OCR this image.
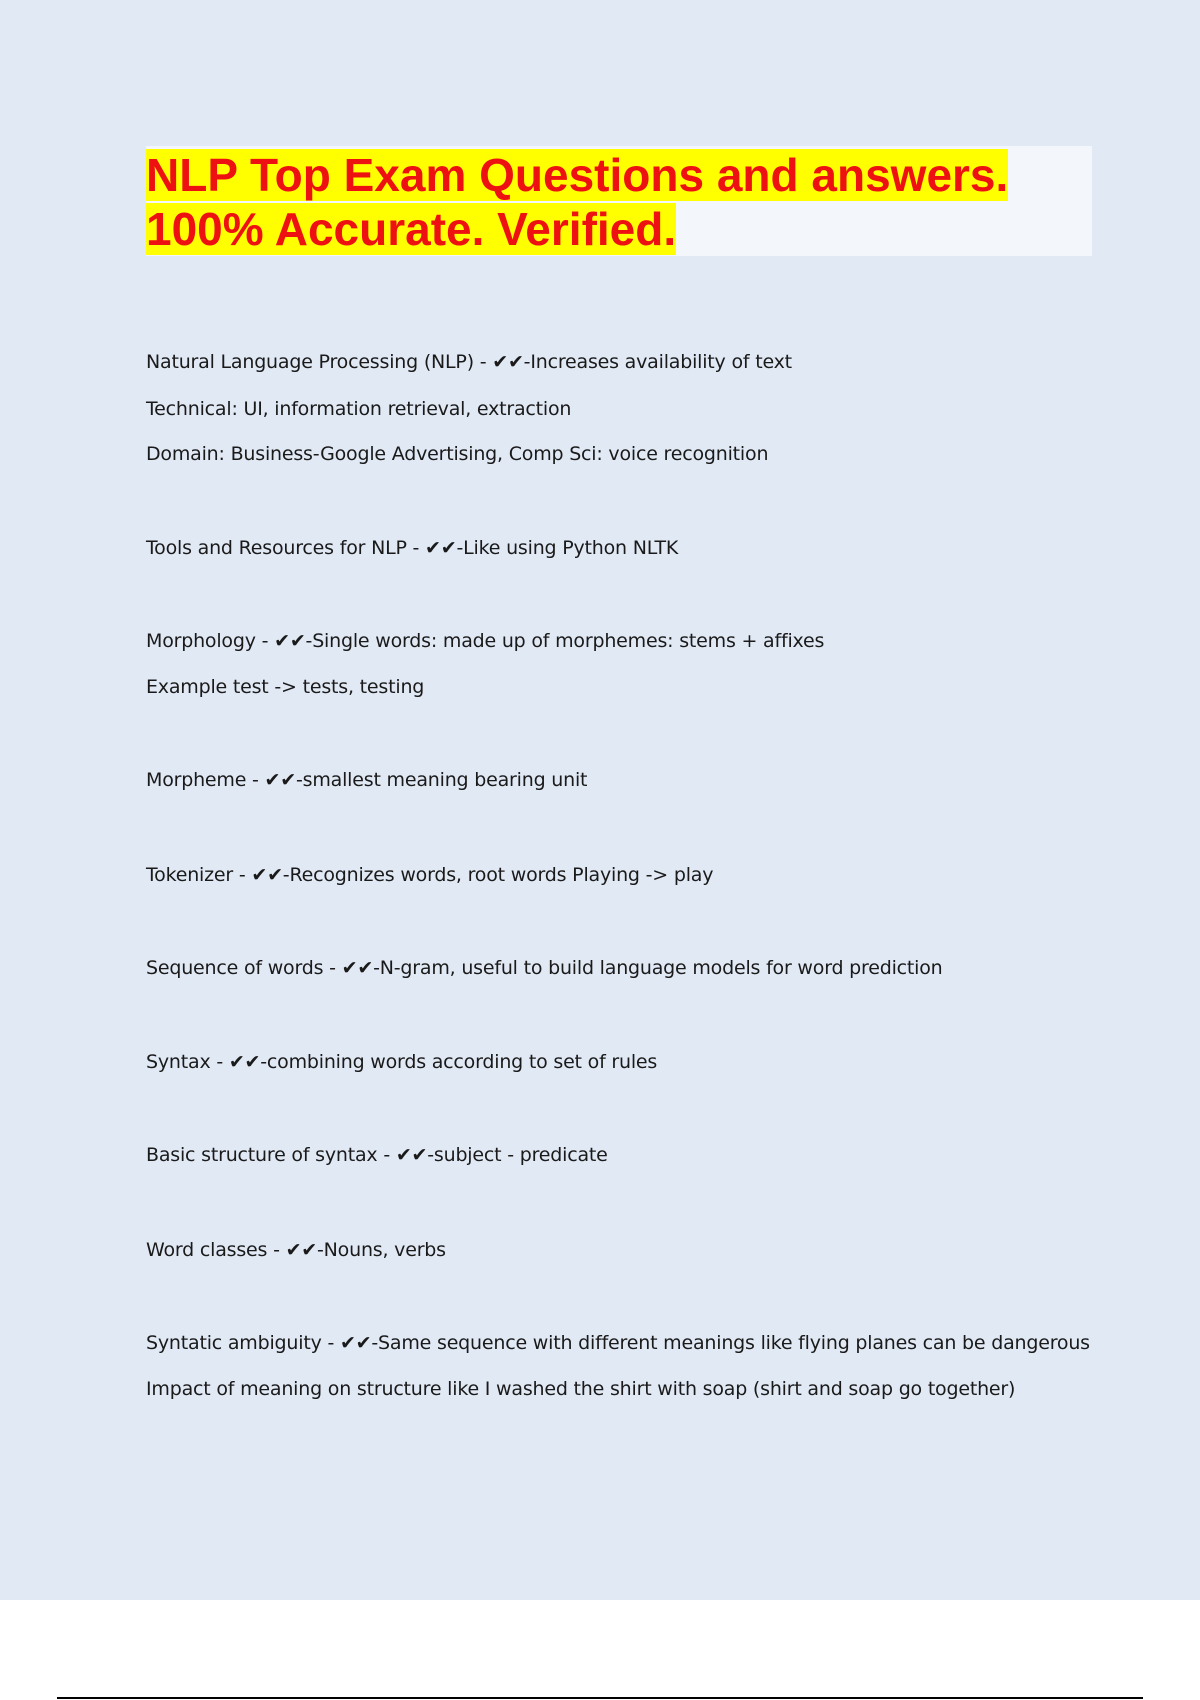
NLP Top Exam Questions and answers.
100% Accurate. Verified.

Natural Language Processing (NLP) - ✔✔-Increases availability of text

Technical: UI, information retrieval, extraction

Domain: Business-Google Advertising, Comp Sci: voice recognition

Tools and Resources for NLP - ✔✔-Like using Python NLTK

Morphology - ✔✔-Single words: made up of morphemes: stems + affixes

Example test -> tests, testing

Morpheme - ✔✔-smallest meaning bearing unit

Tokenizer - ✔✔-Recognizes words, root words Playing -> play

Sequence of words - ✔✔-N-gram, useful to build language models for word prediction

Syntax - ✔✔-combining words according to set of rules

Basic structure of syntax - ✔✔-subject - predicate

Word classes - ✔✔-Nouns, verbs

Syntatic ambiguity - ✔✔-Same sequence with different meanings like flying planes can be dangerous

Impact of meaning on structure like I washed the shirt with soap (shirt and soap go together)
